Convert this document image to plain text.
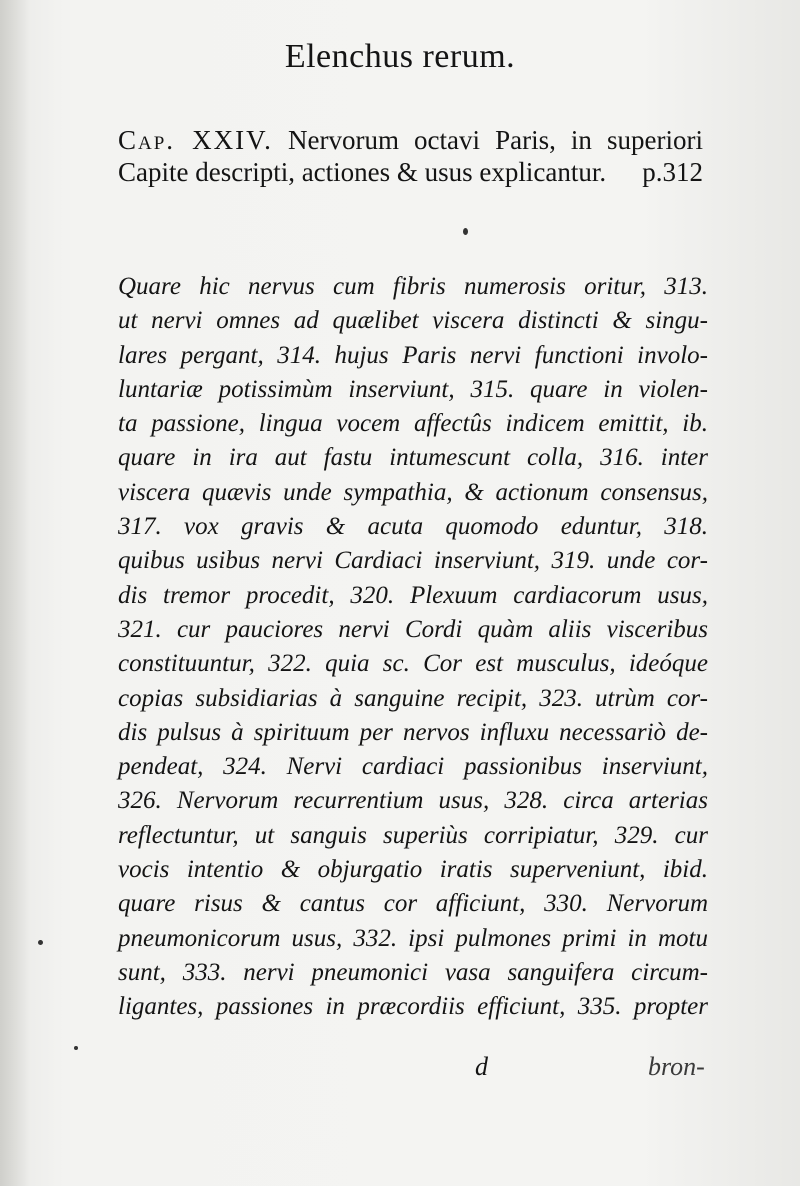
Elenchus rerum.
Cap. XXIV. Nervorum octavi Paris, in superiori Capite descripti, actiones & usus explicantur. p.312
Quare hic nervus cum fibris numerosis oritur, 313.
ut nervi omnes ad quælibet viscera distincti & singu-
lares pergant, 314. hujus Paris nervi functioni involo-
luntariæ potissimùm inserviunt, 315. quare in violen-
ta passione, lingua vocem affectûs indicem emittit, ib.
quare in ira aut fastu intumescunt colla, 316. inter
viscera quævis unde sympathia, & actionum consensus,
317. vox gravis & acuta quomodo eduntur, 318.
quibus usibus nervi Cardiaci inserviunt, 319. unde cor-
dis tremor procedit, 320. Plexuum cardiacorum usus,
321. cur pauciores nervi Cordi quàm aliis visceribus
constituuntur, 322. quia sc. Cor est musculus, ideóque
copias subsidiarias à sanguine recipit, 323. utrùm cor-
dis pulsus à spirituum per nervos influxu necessariò de-
pendeat, 324. Nervi cardiaci passionibus inserviunt,
326. Nervorum recurrentium usus, 328. circa arterias
reflectuntur, ut sanguis superiùs corripiatur, 329. cur
vocis intentio & objurgatio iratis superveniunt, ibid.
quare risus & cantus cor afficiunt, 330. Nervorum
pneumonicorum usus, 332. ipsi pulmones primi in motu
sunt, 333. nervi pneumonici vasa sanguifera circum-
ligantes, passiones in præcordiis efficiunt, 335. propter
d	bron-
